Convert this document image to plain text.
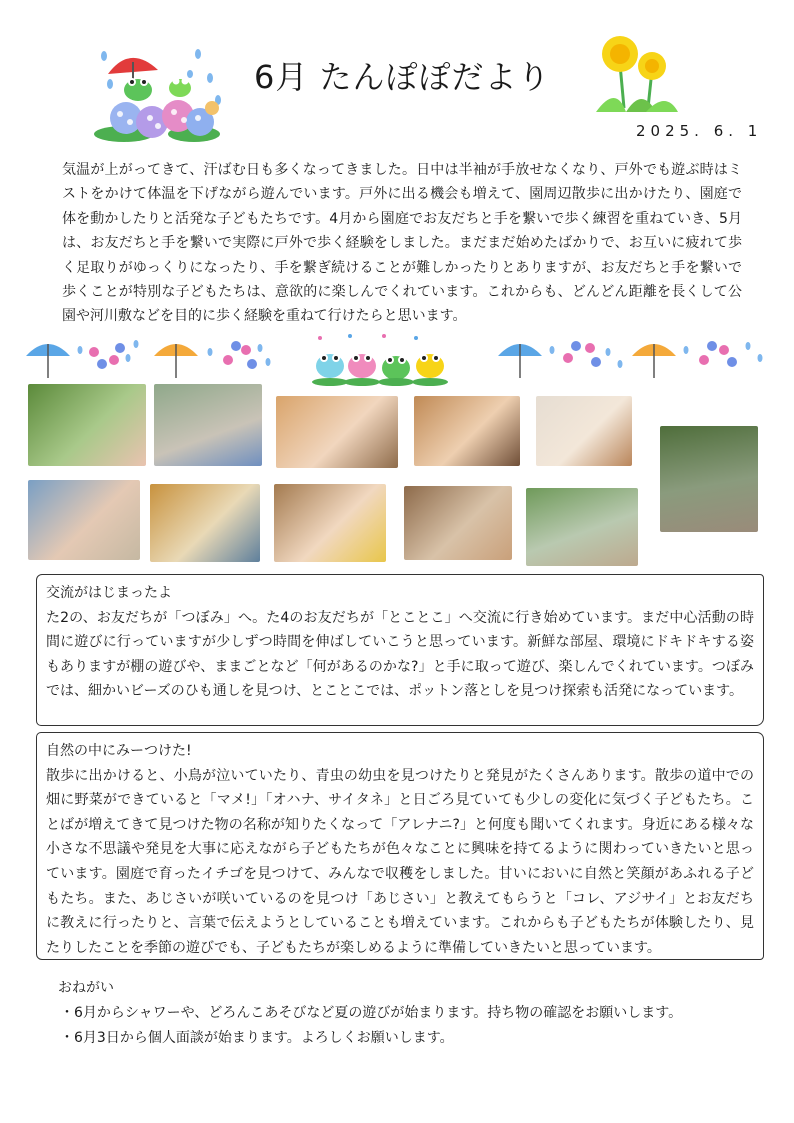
6月 たんぽぽだより
2025. 6. 1
気温が上がってきて、汗ばむ日も多くなってきました。日中は半袖が手放せなくなり、戸外でも遊ぶ時はミストをかけて体温を下げながら遊んでいます。戸外に出る機会も増えて、園周辺散歩に出かけたり、園庭で体を動かしたりと活発な子どもたちです。4月から園庭でお友だちと手を繋いで歩く練習を重ねていき、5月は、お友だちと手を繋いで実際に戸外で歩く経験をしました。まだまだ始めたばかりで、お互いに疲れて歩く足取りがゆっくりになったり、手を繋ぎ続けることが難しかったりとありますが、お友だちと手を繋いで歩くことが特別な子どもたちは、意欲的に楽しんでくれています。これからも、どんどん距離を長くして公園や河川敷などを目的に歩く経験を重ねて行けたらと思います。
交流がはじまったよ
た2の、お友だちが「つぼみ」へ。た4のお友だちが「とことこ」へ交流に行き始めています。まだ中心活動の時間に遊びに行っていますが少しずつ時間を伸ばしていこうと思っています。新鮮な部屋、環境にドキドキする姿もありますが棚の遊びや、ままごとなど「何があるのかな?」と手に取って遊び、楽しんでくれています。つぼみでは、細かいビーズのひも通しを見つけ、とことこでは、ポットン落としを見つけ探索も活発になっています。
自然の中にみーつけた!
散歩に出かけると、小鳥が泣いていたり、青虫の幼虫を見つけたりと発見がたくさんあります。散歩の道中での畑に野菜ができていると「マメ!」「オハナ、サイタネ」と日ごろ見ていても少しの変化に気づく子どもたち。ことばが増えてきて見つけた物の名称が知りたくなって「アレナニ?」と何度も聞いてくれます。身近にある様々な小さな不思議や発見を大事に応えながら子どもたちが色々なことに興味を持てるように関わっていきたいと思っています。園庭で育ったイチゴを見つけて、みんなで収穫をしました。甘いにおいに自然と笑顔があふれる子どもたち。また、あじさいが咲いているのを見つけ「あじさい」と教えてもらうと「コレ、アジサイ」とお友だちに教えに行ったりと、言葉で伝えようとしていることも増えています。これからも子どもたちが体験したり、見たりしたことを季節の遊びでも、子どもたちが楽しめるように準備していきたいと思っています。
おねがい
・6月からシャワーや、どろんこあそびなど夏の遊びが始まります。持ち物の確認をお願いします。
・6月3日から個人面談が始まります。よろしくお願いします。
